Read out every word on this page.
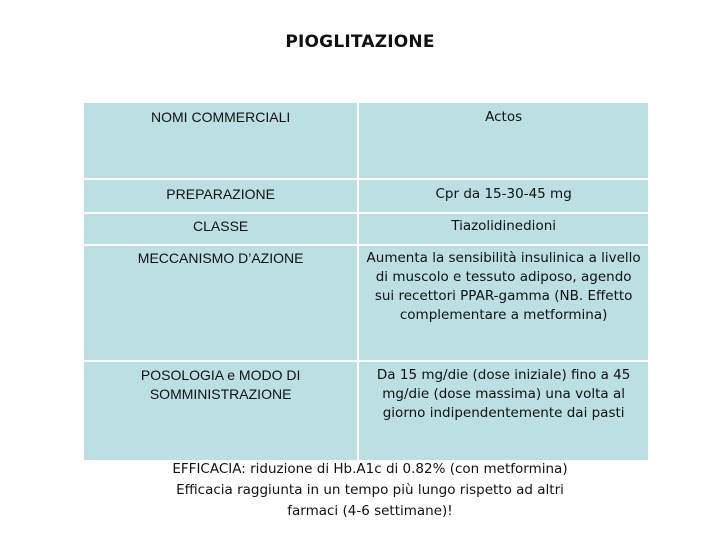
PIOGLITAZIONE
NOMI COMMERCIALI	Actos
PREPARAZIONE	Cpr da 15-30-45 mg
CLASSE	Tiazolidinedioni
MECCANISMO D’AZIONE	Aumenta la sensibilità insulinica a livello di muscolo e tessuto adiposo, agendo sui recettori PPAR-gamma (NB. Effetto complementare a metformina)
POSOLOGIA e MODO DI SOMMINISTRAZIONE	Da 15 mg/die (dose iniziale) fino a 45 mg/die (dose massima) una volta al giorno indipendentemente dai pasti
EFFICACIA: riduzione di Hb.A1c di 0.82% (con metformina)
Efficacia raggiunta in un tempo più lungo rispetto ad altri
farmaci (4-6 settimane)!
